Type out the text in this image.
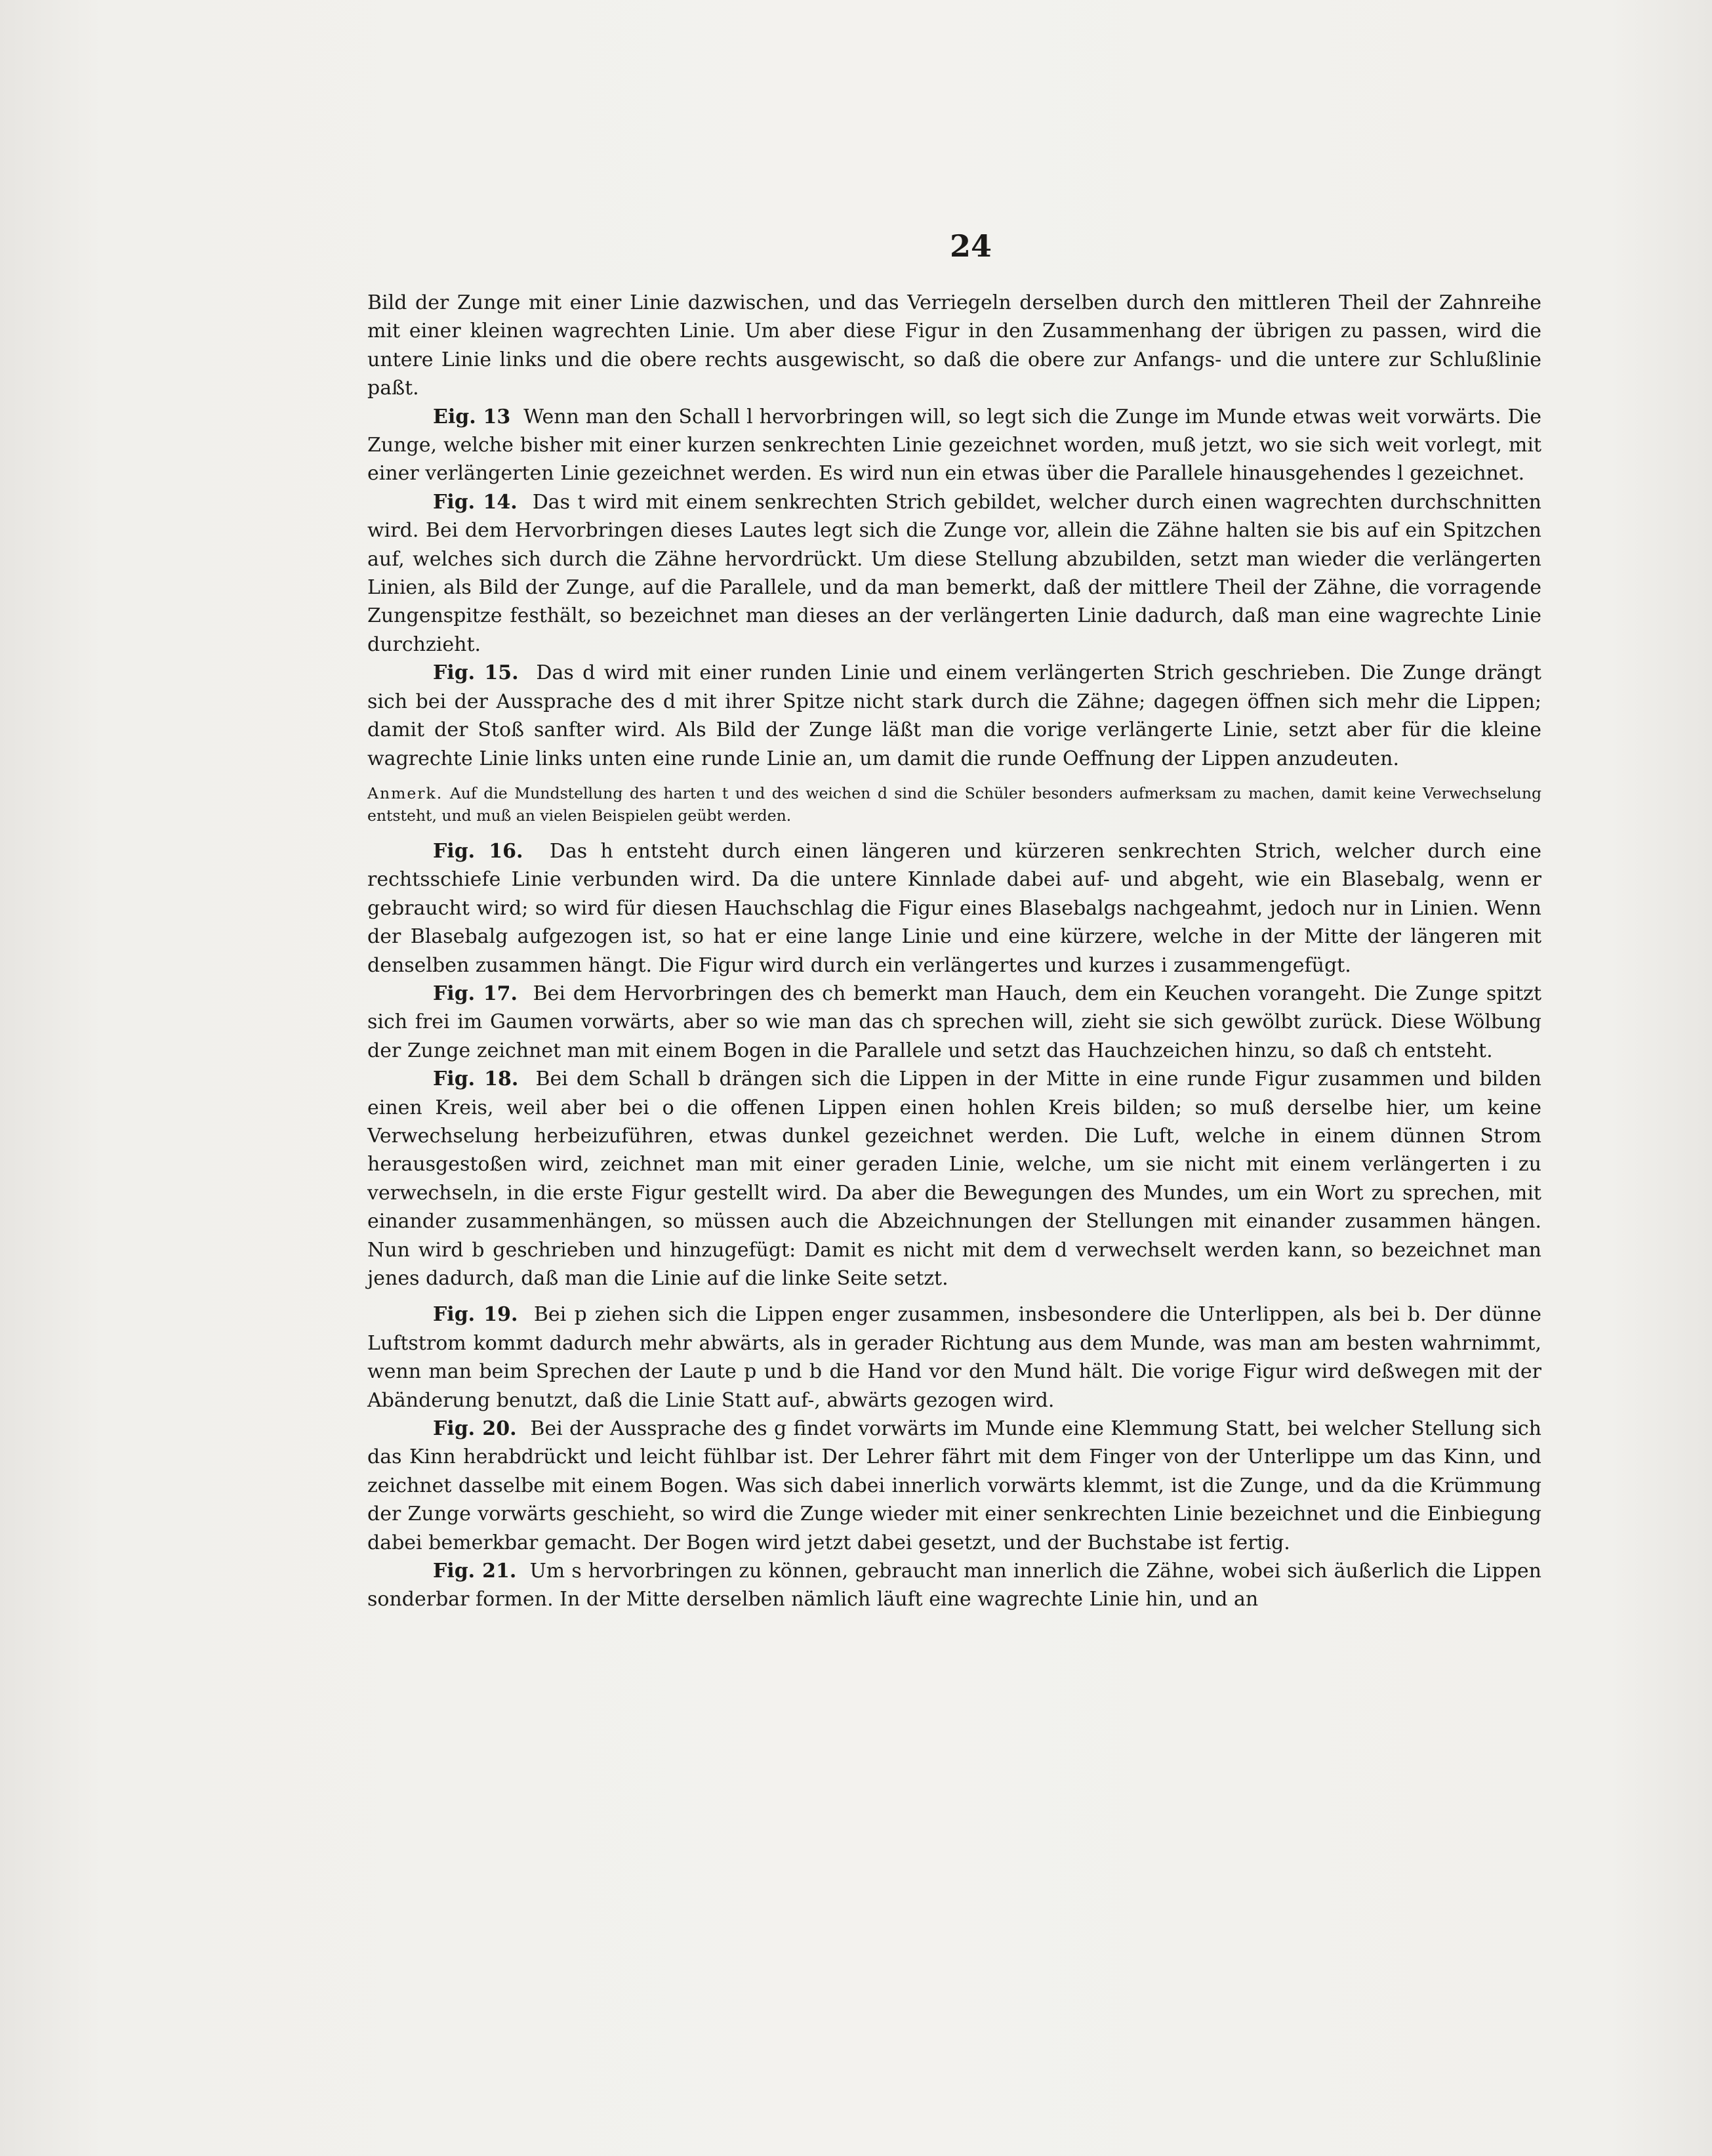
24

Bild der Zunge mit einer Linie dazwischen, und das Verriegeln derselben durch den mittleren Theil der Zahnreihe mit einer kleinen wagrechten Linie. Um aber diese Figur in den Zusammenhang der übrigen zu passen, wird die untere Linie links und die obere rechts ausgewischt, so daß die obere zur Anfangs- und die untere zur Schlußlinie paßt.

Eig. 13 Wenn man den Schall l hervorbringen will, so legt sich die Zunge im Munde etwas weit vorwärts. Die Zunge, welche bisher mit einer kurzen senkrechten Linie gezeichnet worden, muß jetzt, wo sie sich weit vorlegt, mit einer verlängerten Linie gezeichnet werden. Es wird nun ein etwas über die Parallele hinausgehendes l gezeichnet.

Fig. 14. Das t wird mit einem senkrechten Strich gebildet, welcher durch einen wagrechten durchschnitten wird. Bei dem Hervorbringen dieses Lautes legt sich die Zunge vor, allein die Zähne halten sie bis auf ein Spitzchen auf, welches sich durch die Zähne hervordrückt. Um diese Stellung abzubilden, setzt man wieder die verlängerten Linien, als Bild der Zunge, auf die Parallele, und da man bemerkt, daß der mittlere Theil der Zähne, die vorragende Zungenspitze festhält, so bezeichnet man dieses an der verlängerten Linie dadurch, daß man eine wagrechte Linie durchzieht.

Fig. 15. Das d wird mit einer runden Linie und einem verlängerten Strich geschrieben. Die Zunge drängt sich bei der Aussprache des d mit ihrer Spitze nicht stark durch die Zähne; dagegen öffnen sich mehr die Lippen; damit der Stoß sanfter wird. Als Bild der Zunge läßt man die vorige verlängerte Linie, setzt aber für die kleine wagrechte Linie links unten eine runde Linie an, um damit die runde Oeffnung der Lippen anzudeuten.

Anmerk. Auf die Mundstellung des harten t und des weichen d sind die Schüler besonders aufmerksam zu machen, damit keine Verwechselung entsteht, und muß an vielen Beispielen geübt werden.

Fig. 16. Das h entsteht durch einen längeren und kürzeren senkrechten Strich, welcher durch eine rechtsschiefe Linie verbunden wird. Da die untere Kinnlade dabei auf- und abgeht, wie ein Blasebalg, wenn er gebraucht wird; so wird für diesen Hauchschlag die Figur eines Blasebalgs nachgeahmt, jedoch nur in Linien. Wenn der Blasebalg aufgezogen ist, so hat er eine lange Linie und eine kürzere, welche in der Mitte der längeren mit denselben zusammen hängt. Die Figur wird durch ein verlängertes und kurzes i zusammengefügt.

Fig. 17. Bei dem Hervorbringen des ch bemerkt man Hauch, dem ein Keuchen vorangeht. Die Zunge spitzt sich frei im Gaumen vorwärts, aber so wie man das ch sprechen will, zieht sie sich gewölbt zurück. Diese Wölbung der Zunge zeichnet man mit einem Bogen in die Parallele und setzt das Hauchzeichen hinzu, so daß ch entsteht.

Fig. 18. Bei dem Schall b drängen sich die Lippen in der Mitte in eine runde Figur zusammen und bilden einen Kreis, weil aber bei o die offenen Lippen einen hohlen Kreis bilden; so muß derselbe hier, um keine Verwechselung herbeizuführen, etwas dunkel gezeichnet werden. Die Luft, welche in einem dünnen Strom herausgestoßen wird, zeichnet man mit einer geraden Linie, welche, um sie nicht mit einem verlängerten i zu verwechseln, in die erste Figur gestellt wird. Da aber die Bewegungen des Mundes, um ein Wort zu sprechen, mit einander zusammenhängen, so müssen auch die Abzeichnungen der Stellungen mit einander zusammen hängen. Nun wird b geschrieben und hinzugefügt: Damit es nicht mit dem d verwechselt werden kann, so bezeichnet man jenes dadurch, daß man die Linie auf die linke Seite setzt.

Fig. 19. Bei p ziehen sich die Lippen enger zusammen, insbesondere die Unterlippen, als bei b. Der dünne Luftstrom kommt dadurch mehr abwärts, als in gerader Richtung aus dem Munde, was man am besten wahrnimmt, wenn man beim Sprechen der Laute p und b die Hand vor den Mund hält. Die vorige Figur wird deßwegen mit der Abänderung benutzt, daß die Linie Statt auf-, abwärts gezogen wird.

Fig. 20. Bei der Aussprache des g findet vorwärts im Munde eine Klemmung Statt, bei welcher Stellung sich das Kinn herabdrückt und leicht fühlbar ist. Der Lehrer fährt mit dem Finger von der Unterlippe um das Kinn, und zeichnet dasselbe mit einem Bogen. Was sich dabei innerlich vorwärts klemmt, ist die Zunge, und da die Krümmung der Zunge vorwärts geschieht, so wird die Zunge wieder mit einer senkrechten Linie bezeichnet und die Einbiegung dabei bemerkbar gemacht. Der Bogen wird jetzt dabei gesetzt, und der Buchstabe ist fertig.

Fig. 21. Um s hervorbringen zu können, gebraucht man innerlich die Zähne, wobei sich äußerlich die Lippen sonderbar formen. In der Mitte derselben nämlich läuft eine wagrechte Linie hin, und an
